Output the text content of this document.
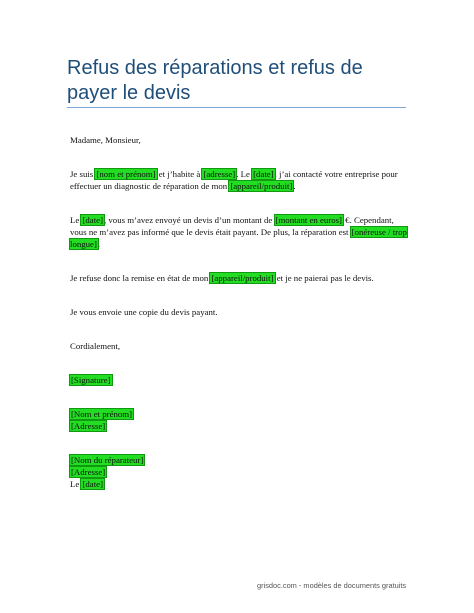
Refus des réparations et refus de payer le devis

Madame, Monsieur,

Je suis [nom et prénom] et j’habite à [adresse]. Le [date], j’ai contacté votre entreprise pour effectuer un diagnostic de réparation de mon [appareil/produit].

Le [date], vous m’avez envoyé un devis d’un montant de [montant en euros] €. Cependant, vous ne m’avez pas informé que le devis était payant. De plus, la réparation est [onéreuse / trop longue].

Je refuse donc la remise en état de mon [appareil/produit] et je ne paierai pas le devis.

Je vous envoie une copie du devis payant.

Cordialement,

[Signature]

[Nom et prénom]
[Adresse]
[Nom du réparateur]
[Adresse]
Le [date]
grisdoc.com - modèles de documents gratuits
